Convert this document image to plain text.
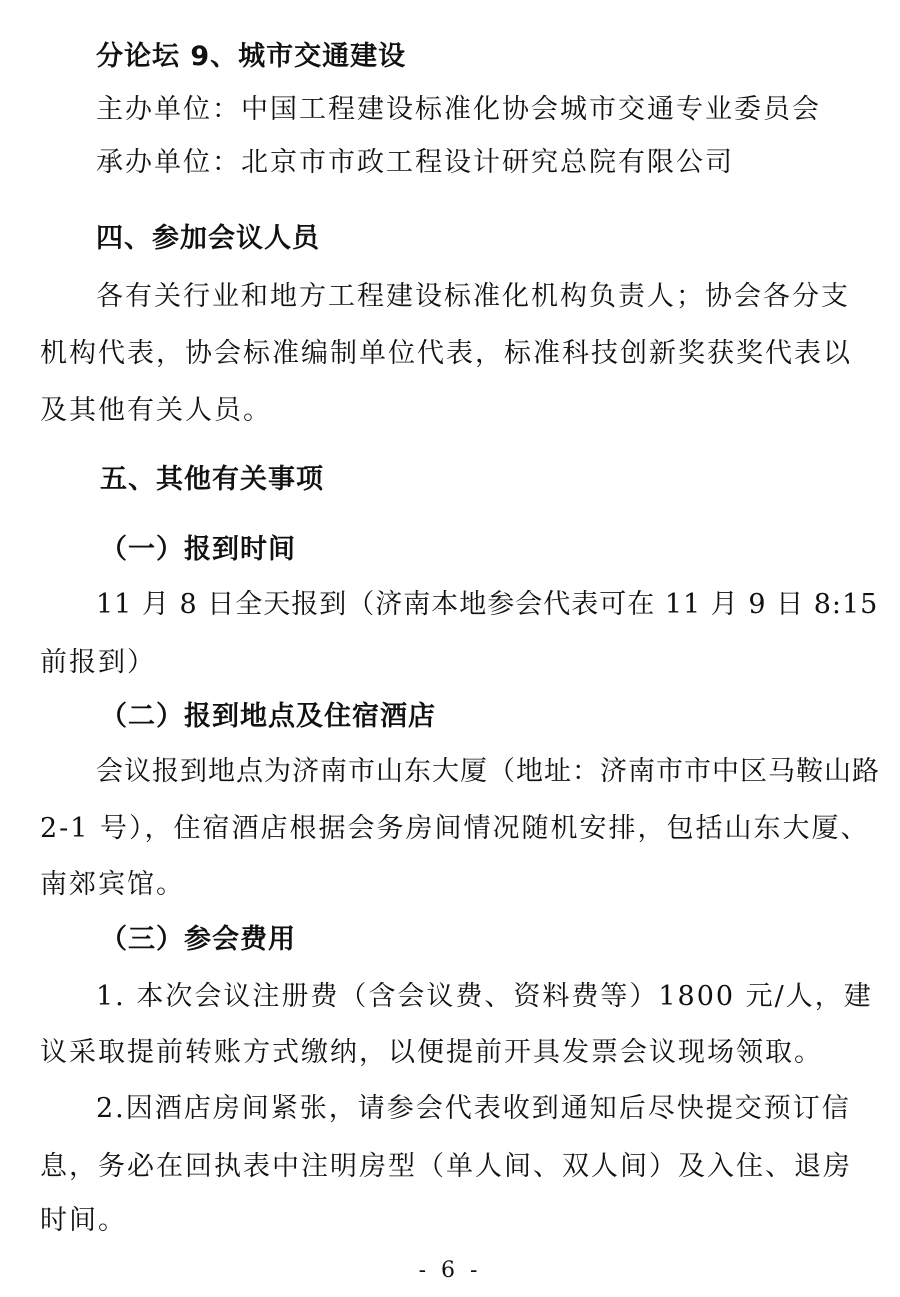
分论坛 9、城市交通建设
主办单位：中国工程建设标准化协会城市交通专业委员会
承办单位：北京市市政工程设计研究总院有限公司
四、参加会议人员
各有关行业和地方工程建设标准化机构负责人；协会各分支
机构代表，协会标准编制单位代表，标准科技创新奖获奖代表以
及其他有关人员。
五、其他有关事项
（一）报到时间
11 月 8 日全天报到（济南本地参会代表可在 11 月 9 日 8:15
前报到）
（二）报到地点及住宿酒店
会议报到地点为济南市山东大厦（地址：济南市市中区马鞍山路
2-1 号），住宿酒店根据会务房间情况随机安排，包括山东大厦、
南郊宾馆。
（三）参会费用
1. 本次会议注册费（含会议费、资料费等）1800 元/人，建
议采取提前转账方式缴纳，以便提前开具发票会议现场领取。
2.因酒店房间紧张，请参会代表收到通知后尽快提交预订信
息，务必在回执表中注明房型（单人间、双人间）及入住、退房
时间。
- 6 -
